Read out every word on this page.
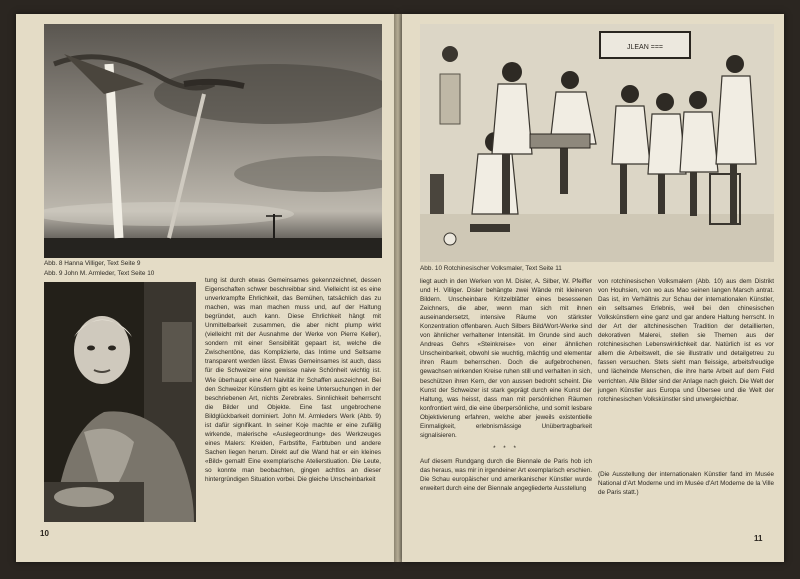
Abb. 8 Hanna Villiger, Text Seite 9
Abb. 9 John M. Armleder, Text Seite 10

tung ist durch etwas Gemeinsames gekennzeichnet, dessen Eigenschaften schwer beschreibbar sind. Vielleicht ist es eine unverkrampfte Ehrlichkeit, das Bemühen, tatsächlich das zu machen, was man machen muss und, auf der Haltung begründet, auch kann. Diese Ehrlichkeit hängt mit Unmittelbarkeit zusammen, die aber nicht plump wirkt (vielleicht mit der Ausnahme der Werke von Pierre Keller), sondern mit einer Sensibilität gepaart ist, welche die Zwischentöne, das Komplizierte, das Intime und Seltsame transparent werden lässt. Etwas Gemeinsames ist auch, dass für die Schweizer eine gewisse naive Schönheit wichtig ist. Wie überhaupt eine Art Naivität ihr Schaffen auszeichnet. Bei den Schweizer Künstlern gibt es keine Untersuchungen in der beschriebenen Art, nichts Zerebrales. Sinnlichkeit beherrscht die Bilder und Objekte. Eine fast ungebrochene Bildglückbarkeit dominiert. John M. Armleders Werk (Abb. 9) ist dafür signifikant. In seiner Koje machte er eine zufällig wirkende, malerische «Auslegeordnung» des Werkzeuges eines Malers: Kreiden, Farbstifte, Farbtuben und andere Sachen liegen herum. Direkt auf die Wand hat er ein kleines «Bild» gemalt! Eine exemplarische Atelierstiuation. Die Leute, so konnte man beobachten, gingen achtlos an dieser hintergründigen Situation vorbei. Die gleiche Unscheinbarkeit

10
JLEAN ===
Abb. 10 Rotchinesischer Volksmaler, Text Seite 11

liegt auch in den Werken von M. Disler, A. Silber, W. Pfeiffer und H. Villiger. Disler behängte zwei Wände mit kleineren Bildern. Unscheinbare Kritzelblätter eines besessenen Zeichners, die aber, wenn man sich mit ihnen auseinandersetzt, intensive Räume von stärkster Konzentration offenbaren. Auch Silbers Bild/Wort-Werke sind von ähnlicher verhaltener Intensität. Im Grunde sind auch Andreas Gehrs «Steinkreise» von einer ähnlichen Unscheinbarkeit, obwohl sie wuchtig, mächtig und elementar ihren Raum beherrschen. Doch die aufgebrochenen, gewachsen wirkenden Kreise ruhen still und verhalten in sich, beschützen ihren Kern, der von aussen bedroht scheint. Die Kunst der Schweizer ist stark geprägt durch eine Kunst der Haltung, was heisst, dass man mit persönlichen Räumen konfrontiert wird, die eine überpersönliche, und somit lesbare Objektivierung erfahren, welche aber jeweils existentielle Einmaligkeit, erlebnismässige Unübertragbarkeit signalisieren.

* * *

Auf diesem Rundgang durch die Biennale de Paris hob ich das heraus, was mir in irgendeiner Art exemplarisch erschien. Die Schau europäischer und amerikanischer Künstler wurde erweitert durch eine der Biennale angegliederte Ausstellung

von rotchinesischen Volksmalern (Abb. 10) aus dem Distrikt von Houhsien, von wo aus Mao seinen langen Marsch antrat. Das ist, im Verhältnis zur Schau der internationalen Künstler, ein seltsames Erlebnis, weil bei den chinesischen Volkskünstlern eine ganz und gar andere Haltung herrscht. In der Art der altchinesischen Tradition der detaillierten, dekorativen Malerei, stellen sie Themen aus der rotchinesischen Lebenswirklichkeit dar. Natürlich ist es vor allem die Arbeitswelt, die sie illustrativ und detailgetreu zu fassen versuchen. Stets sieht man fleissige, arbeitsfreudige und lächelnde Menschen, die ihre harte Arbeit auf dem Feld verrichten. Alle Bilder sind der Anlage nach gleich. Die Welt der jungen Künstler aus Europa und Übersee und die Welt der rotchinesischen Volkskünstler sind unvergleichbar.

(Die Ausstellung der internationalen Künstler fand im Musée National d'Art Moderne und im Musée d'Art Moderne de la Ville de Paris statt.)

11
